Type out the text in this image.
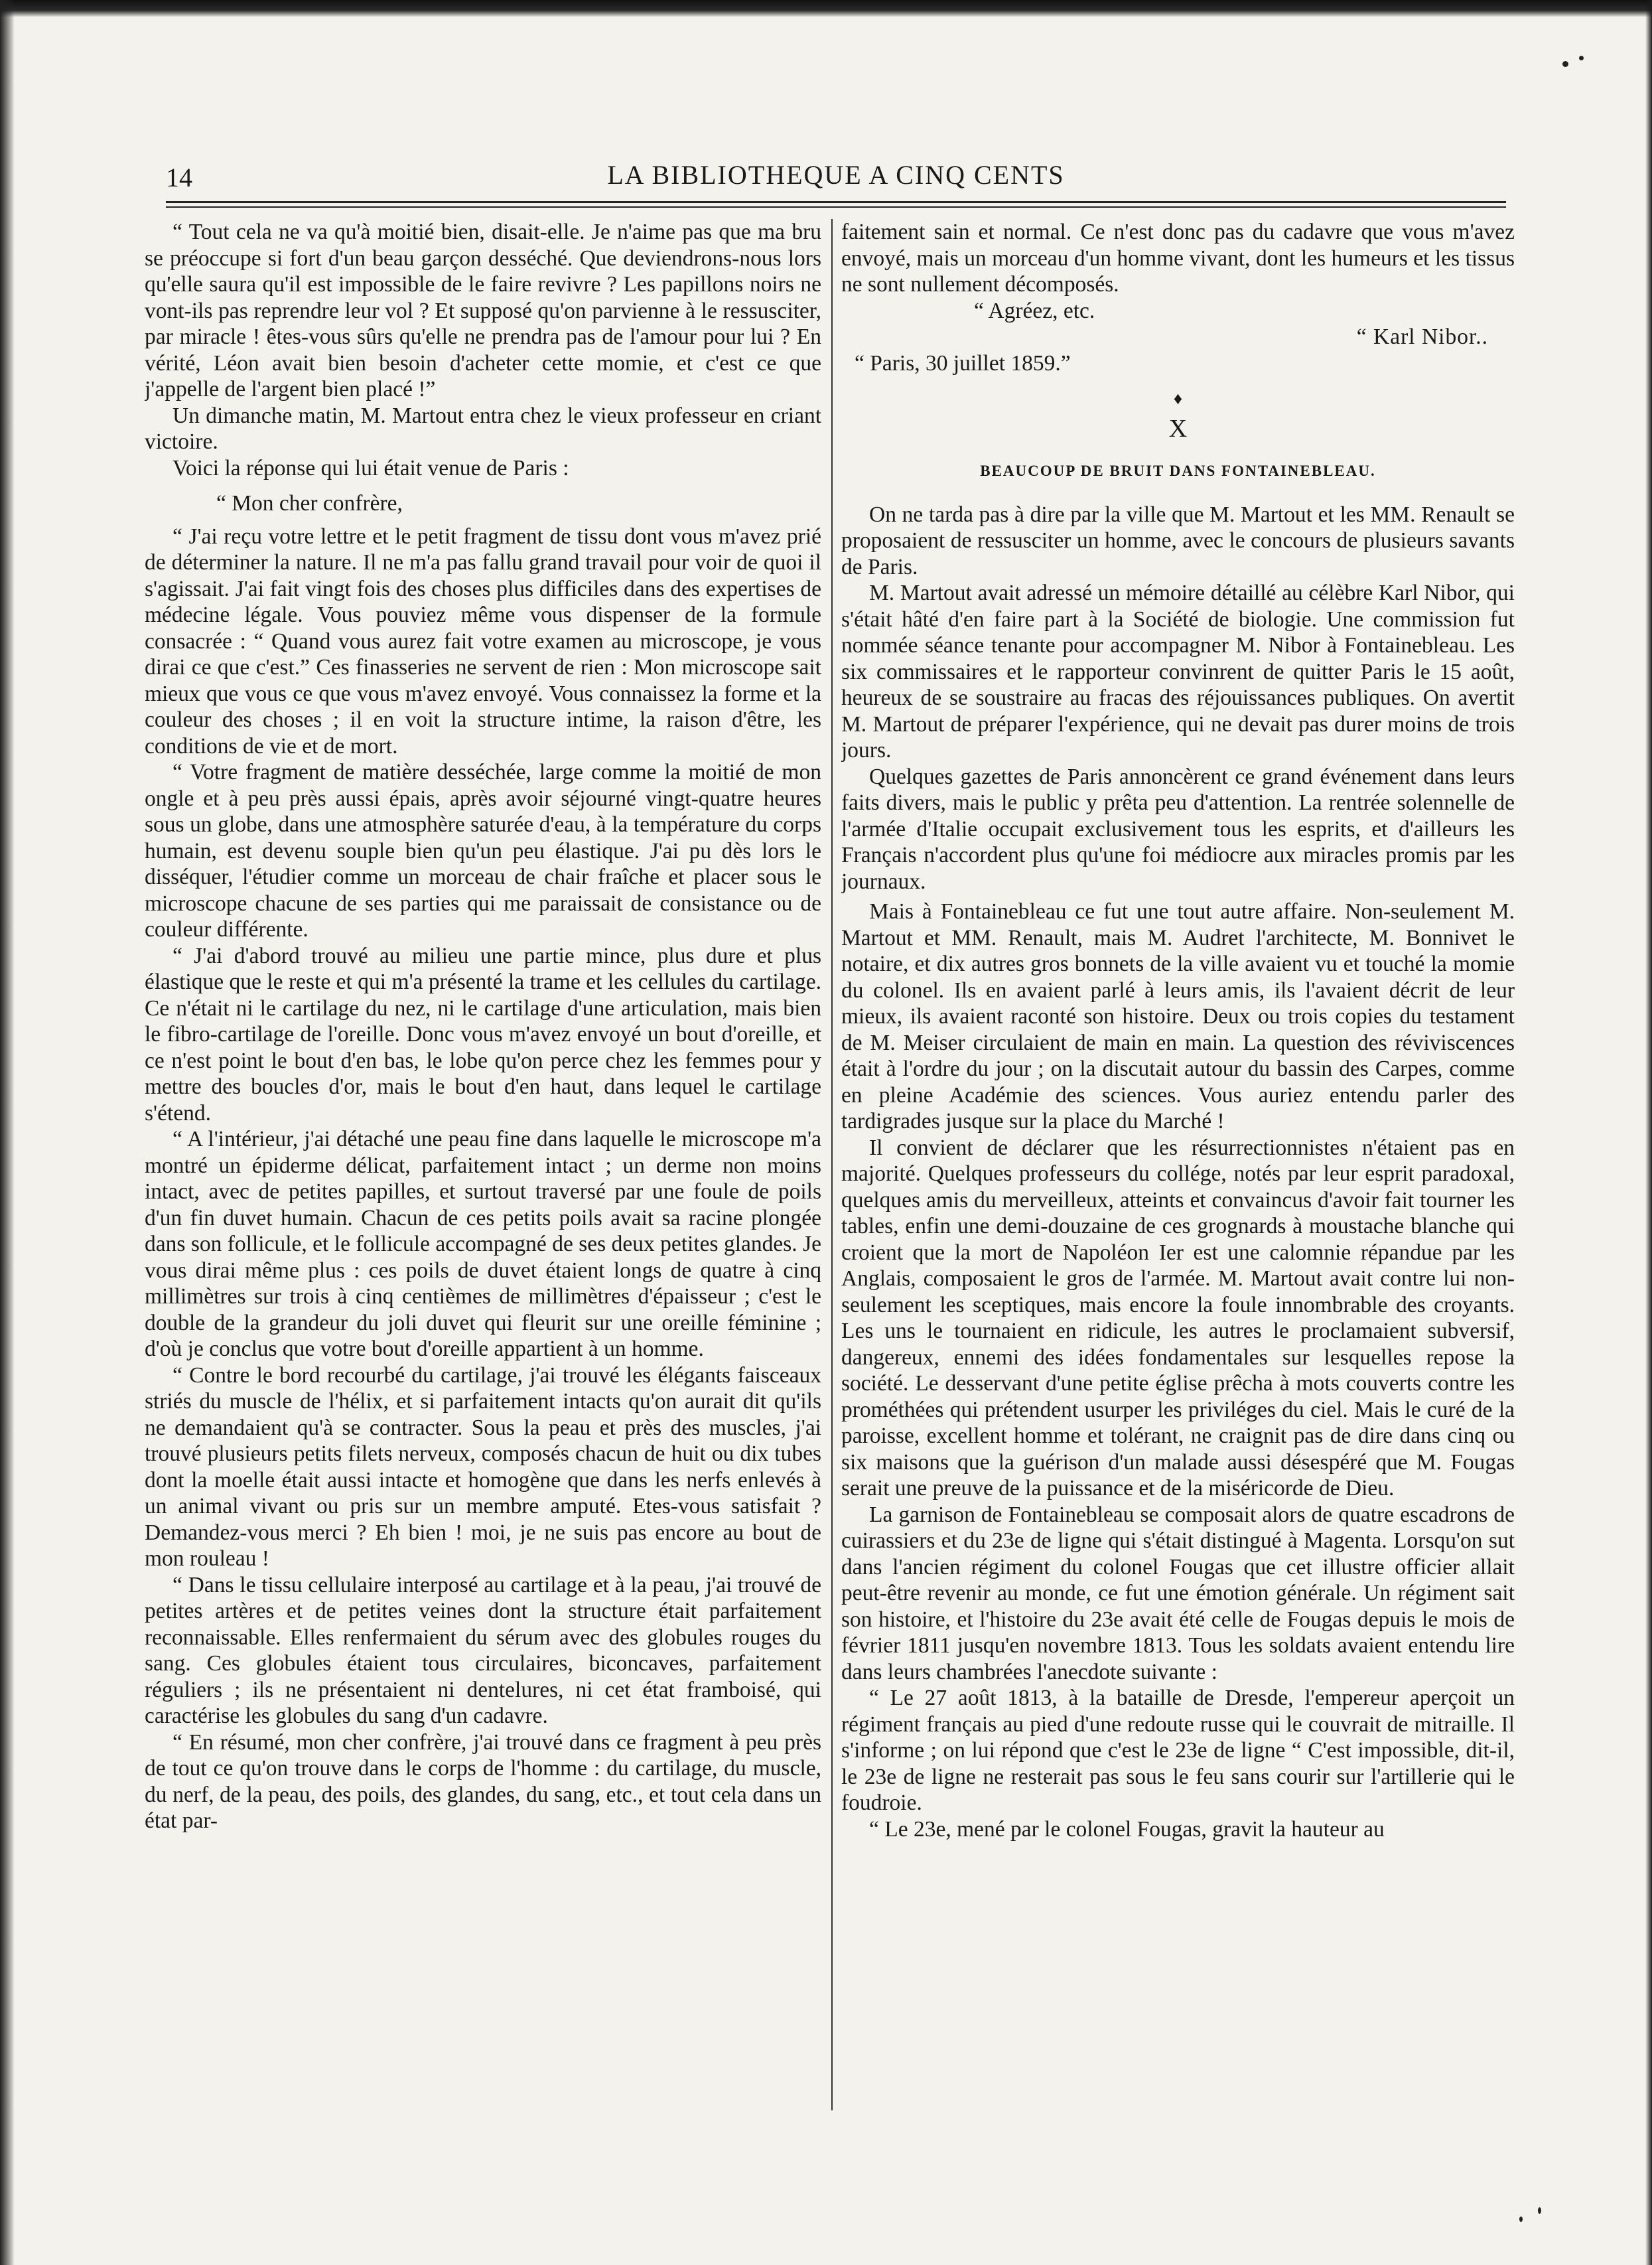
14	LA BIBLIOTHEQUE A CINQ CENTS

“ Tout cela ne va qu'à moitié bien, disait-elle. Je n'aime pas que ma bru se préoccupe si fort d'un beau garçon desséché. Que deviendrons-nous lors qu'elle saura qu'il est impossible de le faire revivre ? Les papillons noirs ne vont-ils pas reprendre leur vol ? Et supposé qu'on parvienne à le ressusciter, par miracle ! êtes-vous sûrs qu'elle ne prendra pas de l'amour pour lui ? En vérité, Léon avait bien besoin d'acheter cette momie, et c'est ce que j'appelle de l'argent bien placé !”

Un dimanche matin, M. Martout entra chez le vieux professeur en criant victoire.

Voici la réponse qui lui était venue de Paris :

“ Mon cher confrère,

“ J'ai reçu votre lettre et le petit fragment de tissu dont vous m'avez prié de déterminer la nature. Il ne m'a pas fallu grand travail pour voir de quoi il s'agissait. J'ai fait vingt fois des choses plus difficiles dans des expertises de médecine légale. Vous pouviez même vous dispenser de la formule consacrée : “ Quand vous aurez fait votre examen au microscope, je vous dirai ce que c'est.” Ces finasseries ne servent de rien : Mon microscope sait mieux que vous ce que vous m'avez envoyé. Vous connaissez la forme et la couleur des choses ; il en voit la structure intime, la raison d'être, les conditions de vie et de mort.

“ Votre fragment de matière desséchée, large comme la moitié de mon ongle et à peu près aussi épais, après avoir séjourné vingt-quatre heures sous un globe, dans une atmosphère saturée d'eau, à la température du corps humain, est devenu souple bien qu'un peu élastique. J'ai pu dès lors le disséquer, l'étudier comme un morceau de chair fraîche et placer sous le microscope chacune de ses parties qui me paraissait de consistance ou de couleur différente.

“ J'ai d'abord trouvé au milieu une partie mince, plus dure et plus élastique que le reste et qui m'a présenté la trame et les cellules du cartilage. Ce n'était ni le cartilage du nez, ni le cartilage d'une articulation, mais bien le fibro-cartilage de l'oreille. Donc vous m'avez envoyé un bout d'oreille, et ce n'est point le bout d'en bas, le lobe qu'on perce chez les femmes pour y mettre des boucles d'or, mais le bout d'en haut, dans lequel le cartilage s'étend.

“ A l'intérieur, j'ai détaché une peau fine dans laquelle le microscope m'a montré un épiderme délicat, parfaitement intact ; un derme non moins intact, avec de petites papilles, et surtout traversé par une foule de poils d'un fin duvet humain. Chacun de ces petits poils avait sa racine plongée dans son follicule, et le follicule accompagné de ses deux petites glandes. Je vous dirai même plus : ces poils de duvet étaient longs de quatre à cinq millimètres sur trois à cinq centièmes de millimètres d'épaisseur ; c'est le double de la grandeur du joli duvet qui fleurit sur une oreille féminine ; d'où je conclus que votre bout d'oreille appartient à un homme.

“ Contre le bord recourbé du cartilage, j'ai trouvé les élégants faisceaux striés du muscle de l'hélix, et si parfaitement intacts qu'on aurait dit qu'ils ne demandaient qu'à se contracter. Sous la peau et près des muscles, j'ai trouvé plusieurs petits filets nerveux, composés chacun de huit ou dix tubes dont la moelle était aussi intacte et homogène que dans les nerfs enlevés à un animal vivant ou pris sur un membre amputé. Etes-vous satisfait ? Demandez-vous merci ? Eh bien ! moi, je ne suis pas encore au bout de mon rouleau !

“ Dans le tissu cellulaire interposé au cartilage et à la peau, j'ai trouvé de petites artères et de petites veines dont la structure était parfaitement reconnaissable. Elles renfermaient du sérum avec des globules rouges du sang. Ces globules étaient tous circulaires, biconcaves, parfaitement réguliers ; ils ne présentaient ni dentelures, ni cet état framboisé, qui caractérise les globules du sang d'un cadavre.

“ En résumé, mon cher confrère, j'ai trouvé dans ce fragment à peu près de tout ce qu'on trouve dans le corps de l'homme : du cartilage, du muscle, du nerf, de la peau, des poils, des glandes, du sang, etc., et tout cela dans un état par-

faitement sain et normal. Ce n'est donc pas du cadavre que vous m'avez envoyé, mais un morceau d'un homme vivant, dont les humeurs et les tissus ne sont nullement décomposés.

“ Agréez, etc.

“ Karl Nibor..

“ Paris, 30 juillet 1859.”

♦
X
BEAUCOUP DE BRUIT DANS FONTAINEBLEAU.

On ne tarda pas à dire par la ville que M. Martout et les MM. Renault se proposaient de ressusciter un homme, avec le concours de plusieurs savants de Paris.

M. Martout avait adressé un mémoire détaillé au célèbre Karl Nibor, qui s'était hâté d'en faire part à la Société de biologie. Une commission fut nommée séance tenante pour accompagner M. Nibor à Fontainebleau. Les six commissaires et le rapporteur convinrent de quitter Paris le 15 août, heureux de se soustraire au fracas des réjouissances publiques. On avertit M. Martout de préparer l'expérience, qui ne devait pas durer moins de trois jours.

Quelques gazettes de Paris annoncèrent ce grand événement dans leurs faits divers, mais le public y prêta peu d'attention. La rentrée solennelle de l'armée d'Italie occupait exclusivement tous les esprits, et d'ailleurs les Français n'accordent plus qu'une foi médiocre aux miracles promis par les journaux.

Mais à Fontainebleau ce fut une tout autre affaire. Non-seulement M. Martout et MM. Renault, mais M. Audret l'architecte, M. Bonnivet le notaire, et dix autres gros bonnets de la ville avaient vu et touché la momie du colonel. Ils en avaient parlé à leurs amis, ils l'avaient décrit de leur mieux, ils avaient raconté son histoire. Deux ou trois copies du testament de M. Meiser circulaient de main en main. La question des réviviscences était à l'ordre du jour ; on la discutait autour du bassin des Carpes, comme en pleine Académie des sciences. Vous auriez entendu parler des tardigrades jusque sur la place du Marché !

Il convient de déclarer que les résurrectionnistes n'étaient pas en majorité. Quelques professeurs du collége, notés par leur esprit paradoxal, quelques amis du merveilleux, atteints et convaincus d'avoir fait tourner les tables, enfin une demi-douzaine de ces grognards à moustache blanche qui croient que la mort de Napoléon Ier est une calomnie répandue par les Anglais, composaient le gros de l'armée. M. Martout avait contre lui non-seulement les sceptiques, mais encore la foule innombrable des croyants. Les uns le tournaient en ridicule, les autres le proclamaient subversif, dangereux, ennemi des idées fondamentales sur lesquelles repose la société. Le desservant d'une petite église prêcha à mots couverts contre les prométhées qui prétendent usurper les priviléges du ciel. Mais le curé de la paroisse, excellent homme et tolérant, ne craignit pas de dire dans cinq ou six maisons que la guérison d'un malade aussi désespéré que M. Fougas serait une preuve de la puissance et de la miséricorde de Dieu.

La garnison de Fontainebleau se composait alors de quatre escadrons de cuirassiers et du 23e de ligne qui s'était distingué à Magenta. Lorsqu'on sut dans l'ancien régiment du colonel Fougas que cet illustre officier allait peut-être revenir au monde, ce fut une émotion générale. Un régiment sait son histoire, et l'histoire du 23e avait été celle de Fougas depuis le mois de février 1811 jusqu'en novembre 1813. Tous les soldats avaient entendu lire dans leurs chambrées l'anecdote suivante :

“ Le 27 août 1813, à la bataille de Dresde, l'empereur aperçoit un régiment français au pied d'une redoute russe qui le couvrait de mitraille. Il s'informe ; on lui répond que c'est le 23e de ligne “ C'est impossible, dit-il, le 23e de ligne ne resterait pas sous le feu sans courir sur l'artillerie qui le foudroie.

“ Le 23e, mené par le colonel Fougas, gravit la hauteur au
